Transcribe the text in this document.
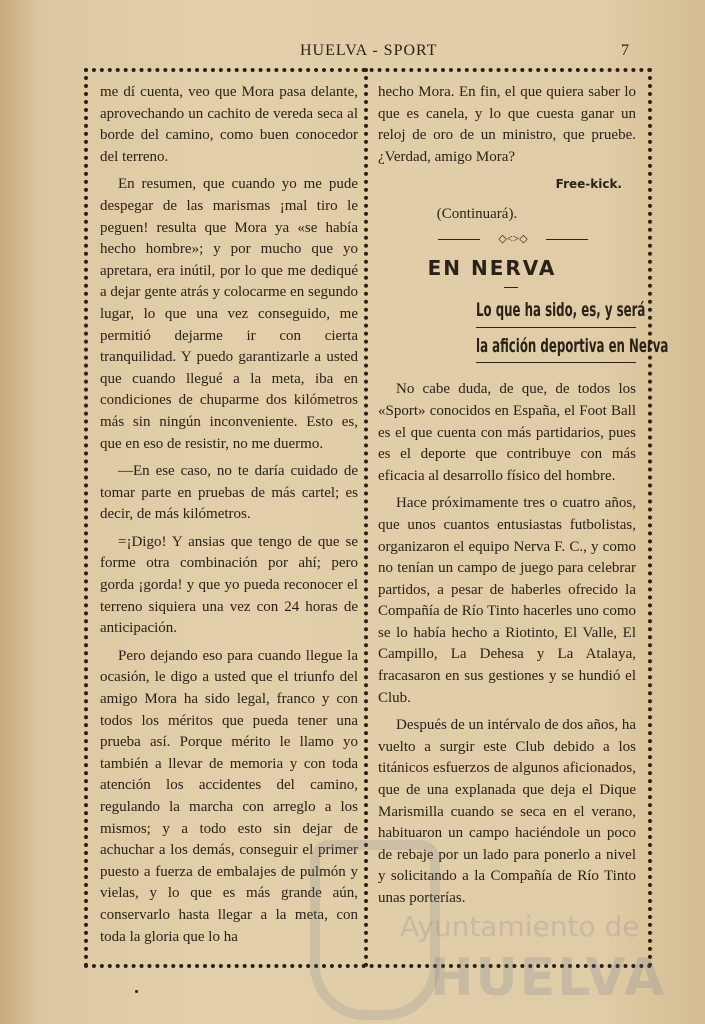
HUELVA - SPORT	7

me dí cuenta, veo que Mora pasa delante, aprovechando un cachito de vereda seca al borde del camino, como buen conocedor del terreno.

En resumen, que cuando yo me pude despegar de las marismas ¡mal tiro le peguen! resulta que Mora ya «se había hecho hombre»; y por mucho que yo apretara, era inútil, por lo que me dediqué a dejar gente atrás y colocarme en segundo lugar, lo que una vez conseguido, me permitió dejarme ir con cierta tranquilidad. Y puedo garantizarle a usted que cuando llegué a la meta, iba en condiciones de chuparme dos kilómetros más sin ningún inconveniente. Esto es, que en eso de resistir, no me duermo.

—En ese caso, no te daría cuidado de tomar parte en pruebas de más cartel; es decir, de más kilómetros.

=¡Digo! Y ansias que tengo de que se forme otra combinación por ahí; pero gorda ¡gorda! y que yo pueda reconocer el terreno siquiera una vez con 24 horas de anticipación.

Pero dejando eso para cuando llegue la ocasión, le digo a usted que el triunfo del amigo Mora ha sido legal, franco y con todos los méritos que pueda tener una prueba así. Porque mérito le llamo yo también a llevar de memoria y con toda atención los accidentes del camino, regulando la marcha con arreglo a los mismos; y a todo esto sin dejar de achuchar a los demás, conseguir el primer puesto a fuerza de embalajes de pulmón y vielas, y lo que es más grande aún, conservarlo hasta llegar a la meta, con toda la gloria que lo ha

hecho Mora. En fin, el que quiera saber lo que es canela, y lo que cuesta ganar un reloj de oro de un ministro, que pruebe. ¿Verdad, amigo Mora?

Free-kick.
(Continuará).
◇<>◇
EN NERVA
Lo que ha sido, es, y será
la afición deportiva en Nerva

No cabe duda, de que, de todos los «Sport» conocidos en España, el Foot Ball es el que cuenta con más partidarios, pues es el deporte que contribuye con más eficacia al desarrollo físico del hombre.

Hace próximamente tres o cuatro años, que unos cuantos entusiastas futbolistas, organizaron el equipo Nerva F. C., y como no tenían un campo de juego para celebrar partidos, a pesar de haberles ofrecido la Compañía de Río Tinto hacerles uno como se lo había hecho a Riotinto, El Valle, El Campillo, La Dehesa y La Atalaya, fracasaron en sus gestiones y se hundió el Club.

Después de un intérvalo de dos años, ha vuelto a surgir este Club debido a los titánicos esfuerzos de algunos aficionados, que de una explanada que deja el Dique Marismilla cuando se seca en el verano, habituaron un campo haciéndole un poco de rebaje por un lado para ponerlo a nivel y solicitando a la Compañía de Río Tinto unas porterías.

Ayuntamiento de
HUELVA
